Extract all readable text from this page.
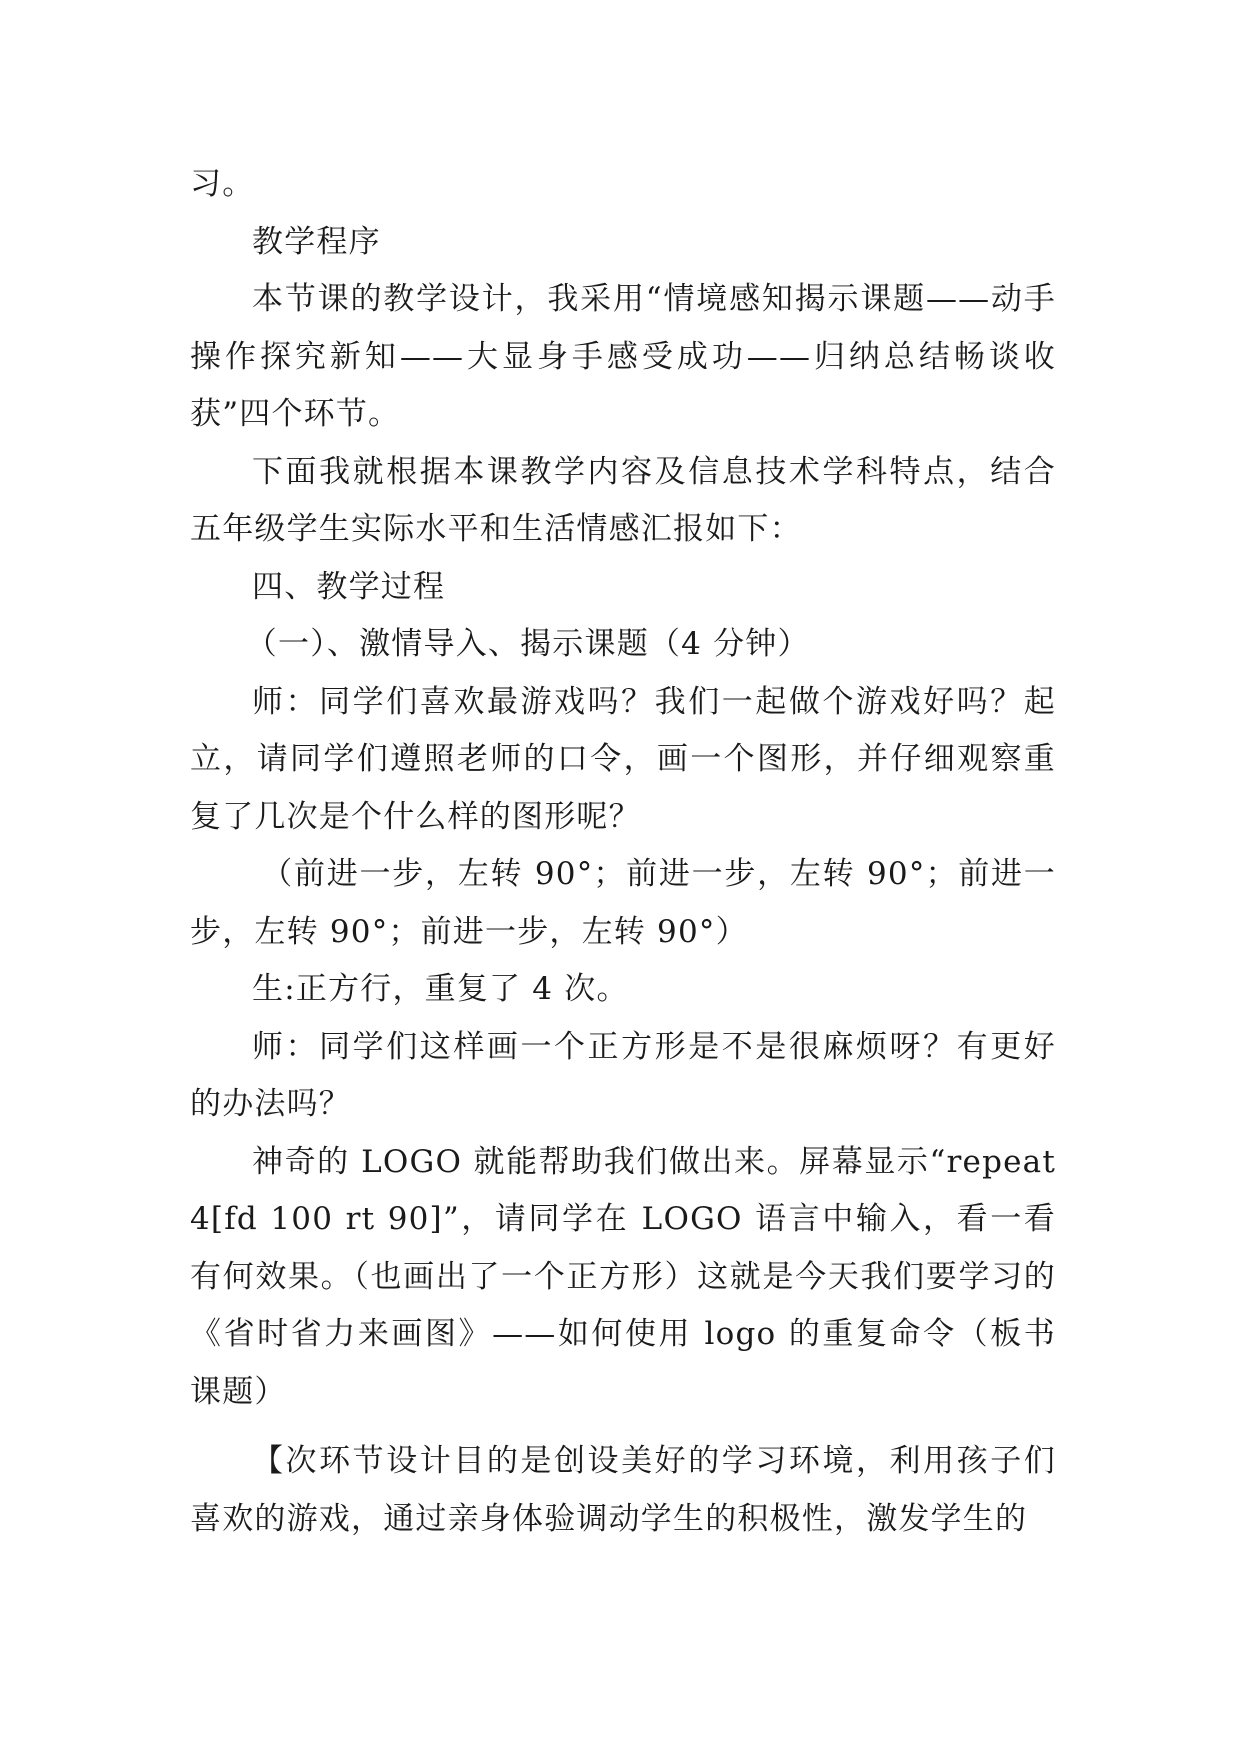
习。

教学程序

本节课的教学设计，我采用“情境感知揭示课题——动手操作探究新知——大显身手感受成功——归纳总结畅谈收获”四个环节。

下面我就根据本课教学内容及信息技术学科特点，结合五年级学生实际水平和生活情感汇报如下：

四、教学过程

（一）、激情导入、揭示课题（4 分钟）

师：同学们喜欢最游戏吗？我们一起做个游戏好吗？起立，请同学们遵照老师的口令，画一个图形，并仔细观察重复了几次是个什么样的图形呢？

（前进一步，左转 90°；前进一步，左转 90°；前进一步，左转 90°；前进一步，左转 90°）

生:正方行，重复了 4 次。

师：同学们这样画一个正方形是不是很麻烦呀？有更好的办法吗？

神奇的 LOGO 就能帮助我们做出来。屏幕显示“repeat 4[fd 100 rt 90]”，请同学在 LOGO 语言中输入，看一看有何效果。（也画出了一个正方形）这就是今天我们要学习的《省时省力来画图》——如何使用 logo 的重复命令（板书课题）

【次环节设计目的是创设美好的学习环境，利用孩子们喜欢的游戏，通过亲身体验调动学生的积极性，激发学生的
